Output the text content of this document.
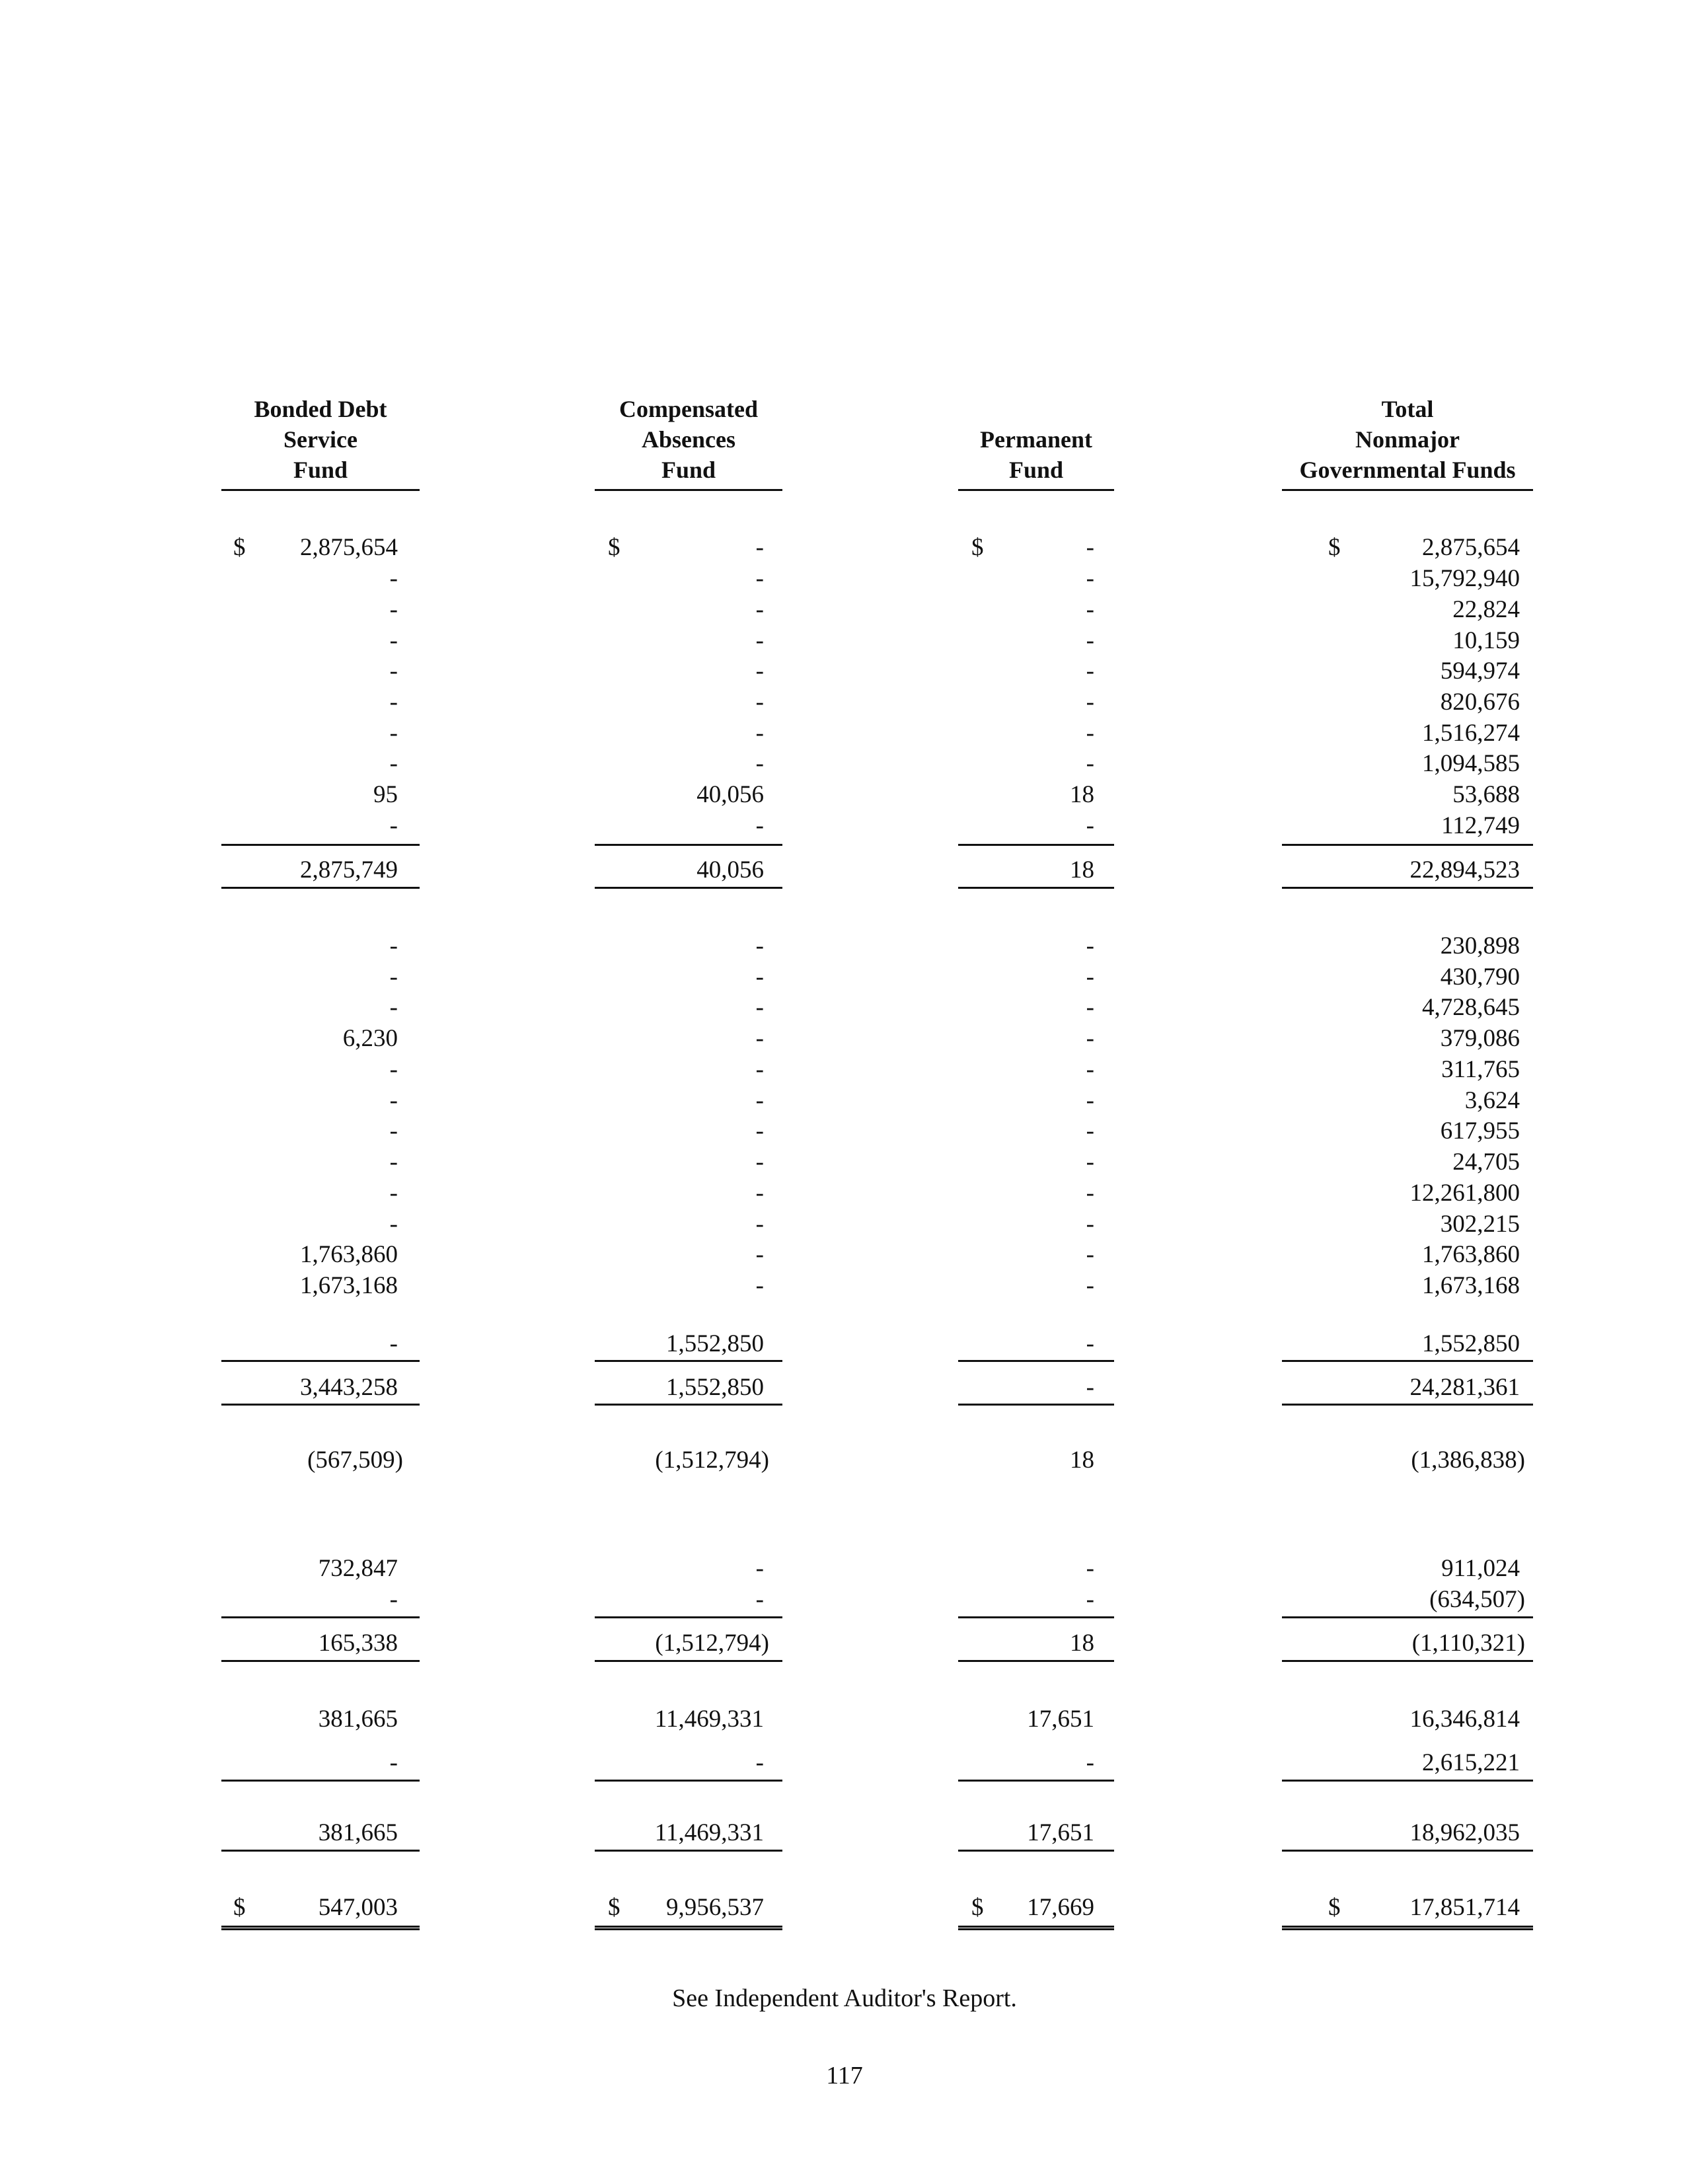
Bonded Debt
Service
Fund
Compensated
Absences
Fund
Permanent
Fund
Total
Nonmajor
Governmental Funds
$	$	$	$
$	$	$	$
2,875,654	-	-	2,875,654
-	-	-	15,792,940
-	-	-	22,824
-	-	-	10,159
-	-	-	594,974
-	-	-	820,676
-	-	-	1,516,274
-	-	-	1,094,585
95	40,056	18	53,688
-	-	-	112,749
2,875,749	40,056	18	22,894,523
-	-	-	230,898
-	-	-	430,790
-	-	-	4,728,645
6,230	-	-	379,086
-	-	-	311,765
-	-	-	3,624
-	-	-	617,955
-	-	-	24,705
-	-	-	12,261,800
-	-	-	302,215
1,763,860	-	-	1,763,860
1,673,168	-	-	1,673,168
-	1,552,850	-	1,552,850
3,443,258	1,552,850	-	24,281,361
(567,509)	(1,512,794)	18	(1,386,838)
732,847	-	-	911,024
-	-	-	(634,507)
165,338	(1,512,794)	18	(1,110,321)
381,665	11,469,331	17,651	16,346,814
-	-	-	2,615,221
381,665	11,469,331	17,651	18,962,035
547,003	9,956,537	17,669	17,851,714
See Independent Auditor's Report.
117
